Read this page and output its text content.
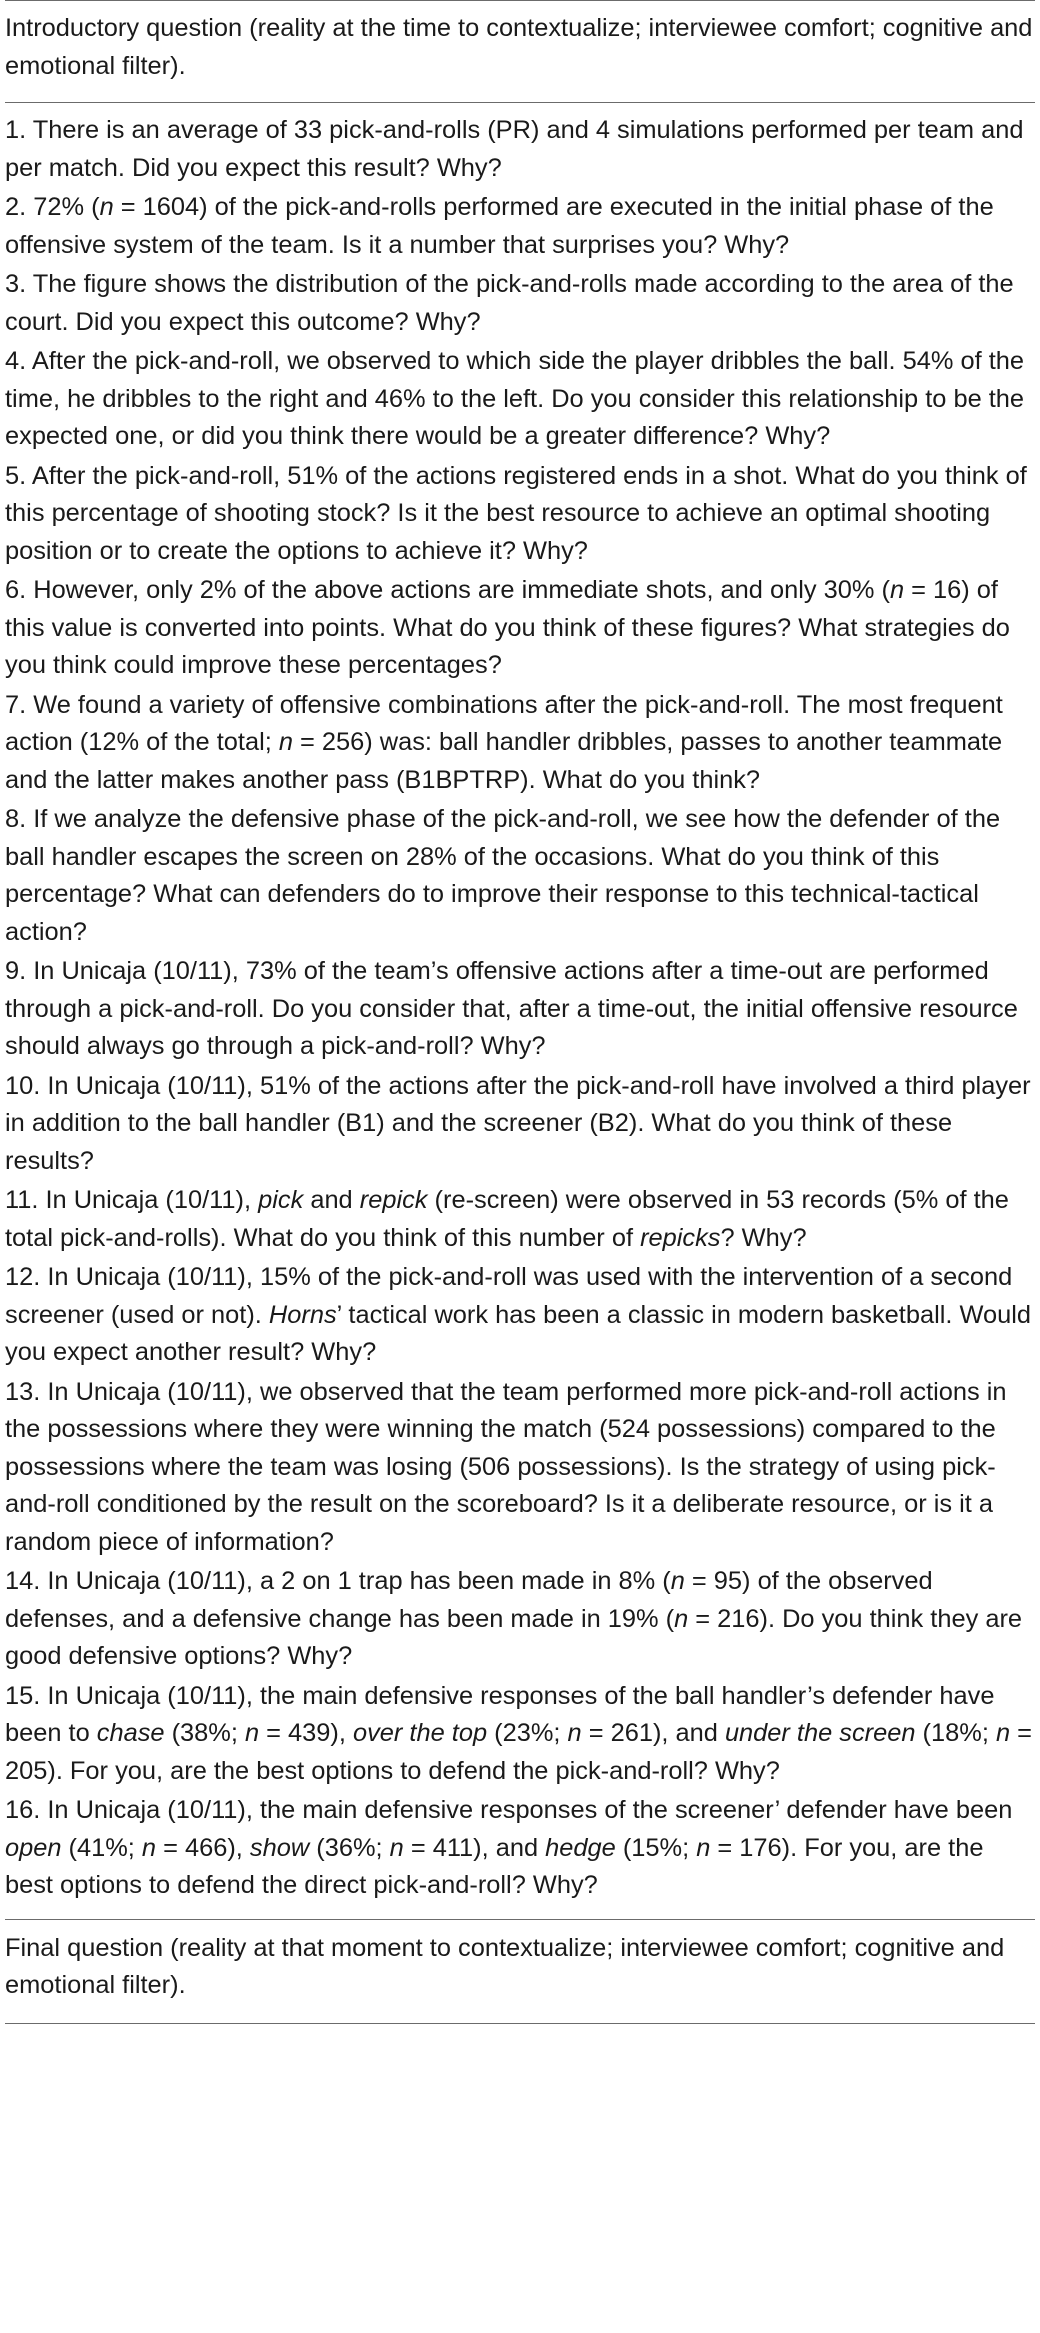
Introductory question (reality at the time to contextualize; interviewee comfort; cognitive and emotional filter).
1. There is an average of 33 pick-and-rolls (PR) and 4 simulations performed per team and per match. Did you expect this result? Why?
2. 72% (n = 1604) of the pick-and-rolls performed are executed in the initial phase of the offensive system of the team. Is it a number that surprises you? Why?
3. The figure shows the distribution of the pick-and-rolls made according to the area of the court. Did you expect this outcome? Why?
4. After the pick-and-roll, we observed to which side the player dribbles the ball. 54% of the time, he dribbles to the right and 46% to the left. Do you consider this relationship to be the expected one, or did you think there would be a greater difference? Why?
5. After the pick-and-roll, 51% of the actions registered ends in a shot. What do you think of this percentage of shooting stock? Is it the best resource to achieve an optimal shooting position or to create the options to achieve it? Why?
6. However, only 2% of the above actions are immediate shots, and only 30% (n = 16) of this value is converted into points. What do you think of these figures? What strategies do you think could improve these percentages?
7. We found a variety of offensive combinations after the pick-and-roll. The most frequent action (12% of the total; n = 256) was: ball handler dribbles, passes to another teammate and the latter makes another pass (B1BPTRP). What do you think?
8. If we analyze the defensive phase of the pick-and-roll, we see how the defender of the ball handler escapes the screen on 28% of the occasions. What do you think of this percentage? What can defenders do to improve their response to this technical-tactical action?
9. In Unicaja (10/11), 73% of the team’s offensive actions after a time-out are performed through a pick-and-roll. Do you consider that, after a time-out, the initial offensive resource should always go through a pick-and-roll? Why?
10. In Unicaja (10/11), 51% of the actions after the pick-and-roll have involved a third player in addition to the ball handler (B1) and the screener (B2). What do you think of these results?
11. In Unicaja (10/11), pick and repick (re-screen) were observed in 53 records (5% of the total pick-and-rolls). What do you think of this number of repicks? Why?
12. In Unicaja (10/11), 15% of the pick-and-roll was used with the intervention of a second screener (used or not). Horns’ tactical work has been a classic in modern basketball. Would you expect another result? Why?
13. In Unicaja (10/11), we observed that the team performed more pick-and-roll actions in the possessions where they were winning the match (524 possessions) compared to the possessions where the team was losing (506 possessions). Is the strategy of using pick-and-roll conditioned by the result on the scoreboard? Is it a deliberate resource, or is it a random piece of information?
14. In Unicaja (10/11), a 2 on 1 trap has been made in 8% (n = 95) of the observed defenses, and a defensive change has been made in 19% (n = 216). Do you think they are good defensive options? Why?
15. In Unicaja (10/11), the main defensive responses of the ball handler’s defender have been to chase (38%; n = 439), over the top (23%; n = 261), and under the screen (18%; n = 205). For you, are the best options to defend the pick-and-roll? Why?
16. In Unicaja (10/11), the main defensive responses of the screener’ defender have been open (41%; n = 466), show (36%; n = 411), and hedge (15%; n = 176). For you, are the best options to defend the direct pick-and-roll? Why?
Final question (reality at that moment to contextualize; interviewee comfort; cognitive and emotional filter).
